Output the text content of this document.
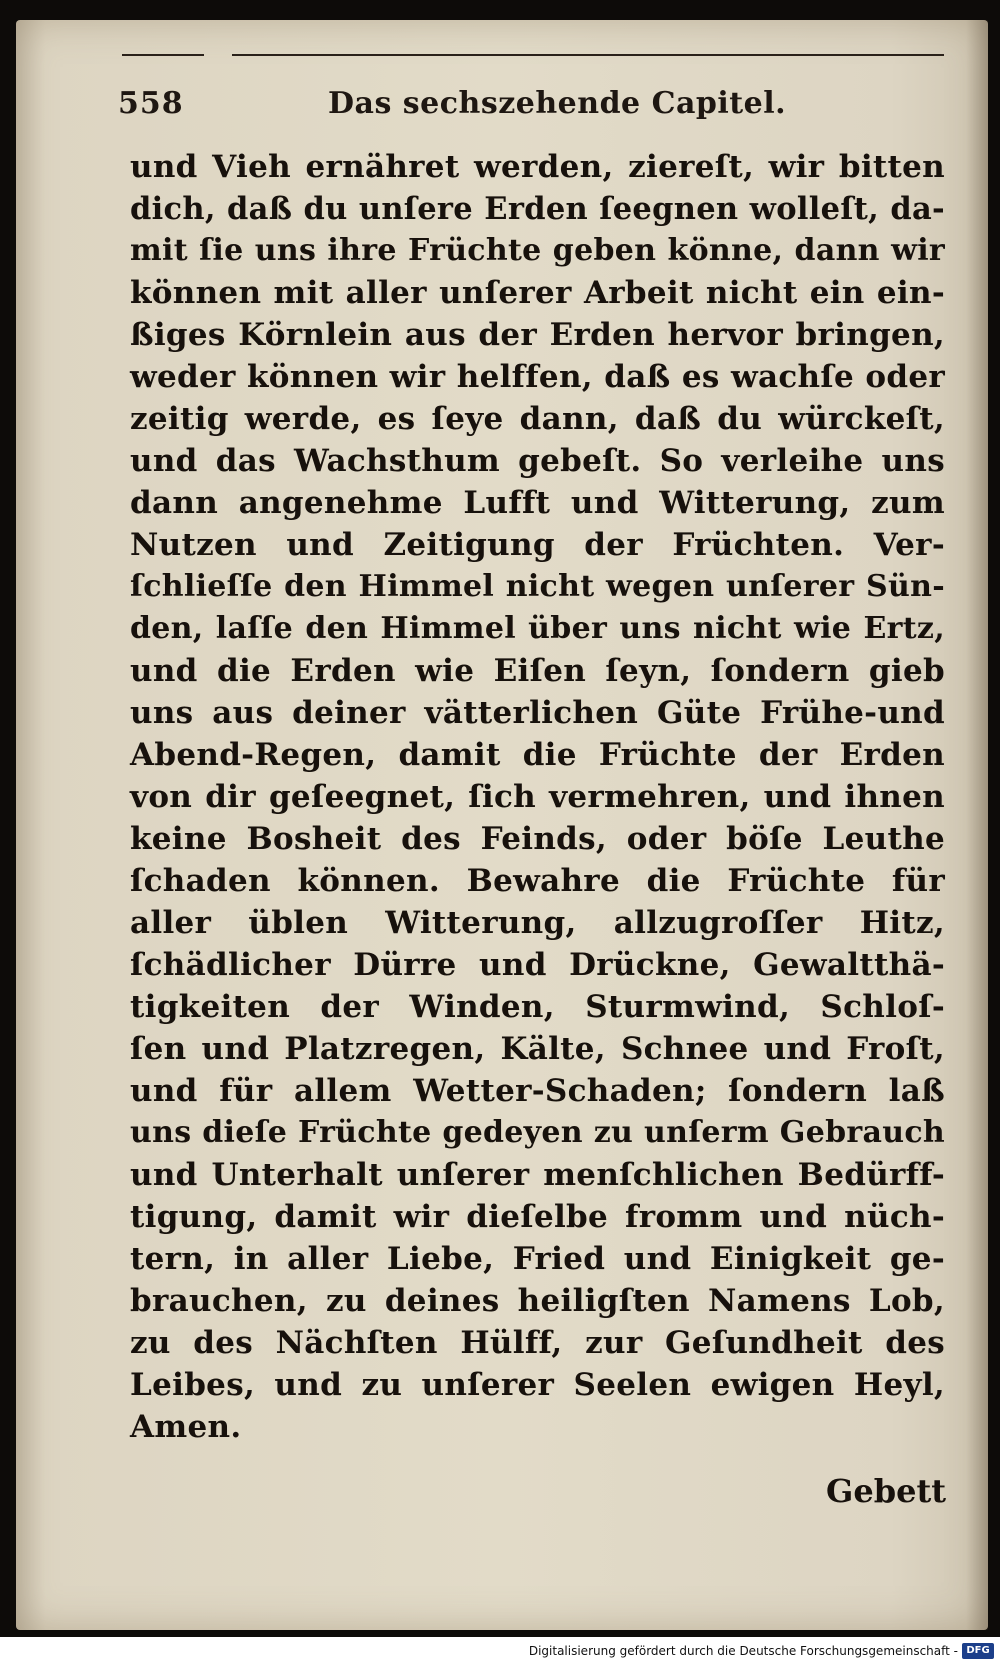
558	Das sechszehende Capitel.
und Vieh ernähret werden, ziereſt, wir bitten
dich, daß du unſere Erden ſeegnen wolleſt, da-
mit ſie uns ihre Früchte geben könne, dann wir
können mit aller unſerer Arbeit nicht ein ein-
ßiges Körnlein aus der Erden hervor bringen,
weder können wir helffen, daß es wachſe oder
zeitig werde, es ſeye dann, daß du würckeſt,
und das Wachsthum gebeſt. So verleihe uns
dann angenehme Lufft und Witterung, zum
Nutzen und Zeitigung der Früchten. Ver-
ſchlieſſe den Himmel nicht wegen unſerer Sün-
den, laſſe den Himmel über uns nicht wie Ertz,
und die Erden wie Eiſen ſeyn, ſondern gieb
uns aus deiner vätterlichen Güte Frühe-und
Abend-Regen, damit die Früchte der Erden
von dir geſeegnet, ſich vermehren, und ihnen
keine Bosheit des Feinds, oder böſe Leuthe
ſchaden können. Bewahre die Früchte für
aller üblen Witterung, allzugroſſer Hitz,
ſchädlicher Dürre und Drückne, Gewaltthä-
tigkeiten der Winden, Sturmwind, Schloſ-
ſen und Platzregen, Kälte, Schnee und Froſt,
und für allem Wetter-Schaden; ſondern laß
uns dieſe Früchte gedeyen zu unſerm Gebrauch
und Unterhalt unſerer menſchlichen Bedürff-
tigung, damit wir dieſelbe fromm und nüch-
tern, in aller Liebe, Fried und Einigkeit ge-
brauchen, zu deines heiligſten Namens Lob,
zu des Nächſten Hülff, zur Geſundheit des
Leibes, und zu unſerer Seelen ewigen Heyl,
Amen.
Gebett
Digitalisierung gefördert durch die Deutsche Forschungsgemeinschaft - DFG
